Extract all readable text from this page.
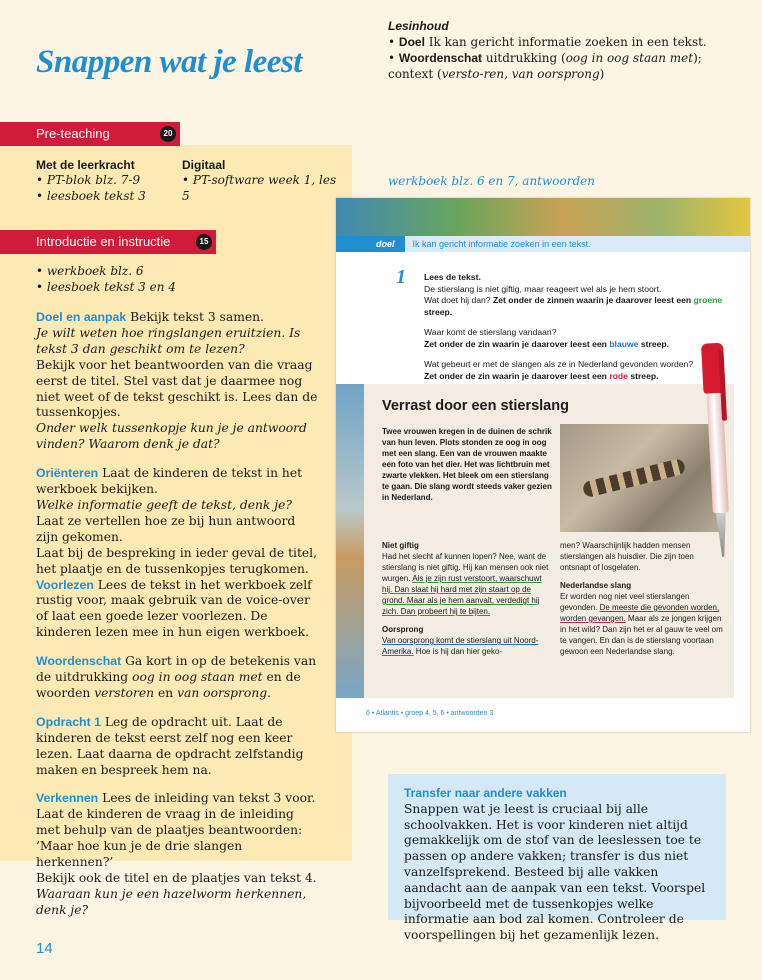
Snappen wat je leest
Lesinhoud
• Doel Ik kan gericht informatie zoeken in een tekst.
• Woordenschat uitdrukking (oog in oog staan met); context (versto-ren, van oorsprong)
Pre-teaching	20
Met de leerkracht
• PT-blok blz. 7-9
• leesboek tekst 3
Digitaal
• PT-software week 1, les 5
Introductie en instructie	15

• werkboek blz. 6
• leesboek tekst 3 en 4

Doel en aanpak Bekijk tekst 3 samen.
Je wilt weten hoe ringslangen eruitzien. Is tekst 3 dan geschikt om te lezen?
Bekijk voor het beantwoorden van die vraag eerst de titel. Stel vast dat je daarmee nog niet weet of de tekst geschikt is. Lees dan de tussenkopjes.
Onder welk tussenkopje kun je je antwoord vinden? Waarom denk je dat?

Oriënteren Laat de kinderen de tekst in het werkboek bekijken.
Welke informatie geeft de tekst, denk je?
Laat ze vertellen hoe ze bij hun antwoord zijn gekomen.
Laat bij de bespreking in ieder geval de titel, het plaatje en de tussenkopjes terugkomen.

Voorlezen Lees de tekst in het werkboek zelf rustig voor, maak gebruik van de voice-over of laat een goede lezer voorlezen. De kinderen lezen mee in hun eigen werkboek.

Woordenschat Ga kort in op de betekenis van de uitdrukking oog in oog staan met en de woorden verstoren en van oorsprong.

Opdracht 1 Leg de opdracht uit. Laat de kinderen de tekst eerst zelf nog een keer lezen. Laat daarna de opdracht zelfstandig maken en bespreek hem na.

Verkennen Lees de inleiding van tekst 3 voor. Laat de kinderen de vraag in de inleiding met behulp van de plaatjes beantwoorden: ‘Maar hoe kun je de drie slangen herkennen?’
Bekijk ook de titel en de plaatjes van tekst 4.
Waaraan kun je een hazelworm herkennen, denk je?

werkboek blz. 6 en 7, antwoorden
doel Ik kan gericht informatie zoeken in een tekst.
1 Lees de tekst.
De stierslang is niet giftig, maar reageert wel als je hem stoort.
Wat doet hij dan? Zet onder de zinnen waarin je daarover leest een groene streep.

Waar komt de stierslang vandaan?
Zet onder de zin waarin je daarover leest een blauwe streep.

Wat gebeurt er met de slangen als ze in Nederland gevonden worden?
Zet onder de zin waarin je daarover leest een rode streep.

Verrast door een stierslang
Twee vrouwen kregen in de duinen de schrik van hun leven. Plots stonden ze oog in oog met een slang. Een van de vrouwen maakte een foto van het dier. Het was lichtbruin met zwarte vlekken. Het bleek om een stierslang te gaan. Die slang wordt steeds vaker gezien in Nederland.
Niet giftig

Had het slecht af kunnen lopen? Nee, want de stierslang is niet giftig. Hij kan mensen ook niet wurgen. Als je zijn rust verstoort, waarschuwt hij. Dan slaat hij hard met zijn staart op de grond. Maar als je hem aanvalt, verdedigt hij zich. Dan probeert hij te bijten.

Oorsprong

Van oorsprong komt de stierslang uit Noord-Amerika. Hoe is hij dan hier geko-

men? Waarschijnlijk hadden mensen stierslangen als huisdier. Die zijn toen ontsnapt of losgelaten.

Nederlandse slang

Er worden nog niet veel stierslangen gevonden. De meeste die gevonden worden, worden gevangen. Maar als ze jongen krijgen in het wild? Dan zijn het er al gauw te veel om te vangen. En dan is de stierslang voortaan gewoon een Nederlandse slang.

6 • Atlantis • groep 4, 5, 6 • antwoorden 3
Transfer naar andere vakken
Snappen wat je leest is cruciaal bij alle schoolvakken. Het is voor kinderen niet altijd gemakkelijk om de stof van de leeslessen toe te passen op andere vakken; transfer is dus niet vanzelfsprekend. Besteed bij alle vakken aandacht aan de aanpak van een tekst. Voorspel bijvoorbeeld met de tussenkopjes welke informatie aan bod zal komen. Controleer de voorspellingen bij het gezamenlijk lezen.
14
